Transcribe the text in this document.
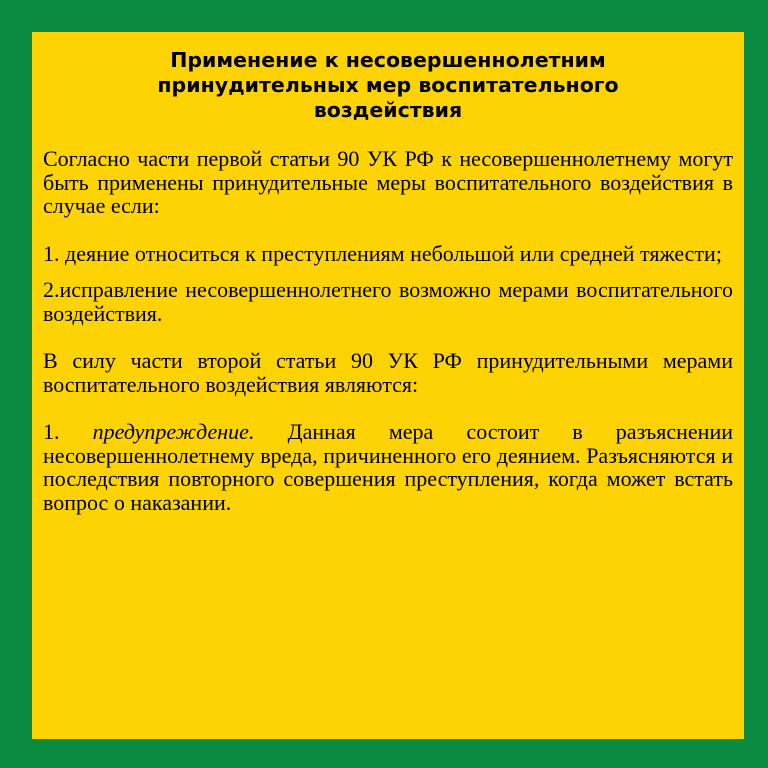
Применение к несовершеннолетним принудительных мер воспитательного воздействия

Согласно части первой статьи 90 УК РФ к несовершеннолетнему могут быть применены принудительные меры воспитательного воздействия в случае если:

1. деяние относиться к преступлениям небольшой или средней тяжести;

2.исправление несовершеннолетнего возможно мерами воспитательного воздействия.

В силу части второй статьи 90 УК РФ принудительными мерами воспитательного воздействия являются:

1. предупреждение. Данная мера состоит в разъяснении несовершеннолетнему вреда, причиненного его деянием. Разъясняются и последствия повторного совершения преступления, когда может встать вопрос о наказании.
